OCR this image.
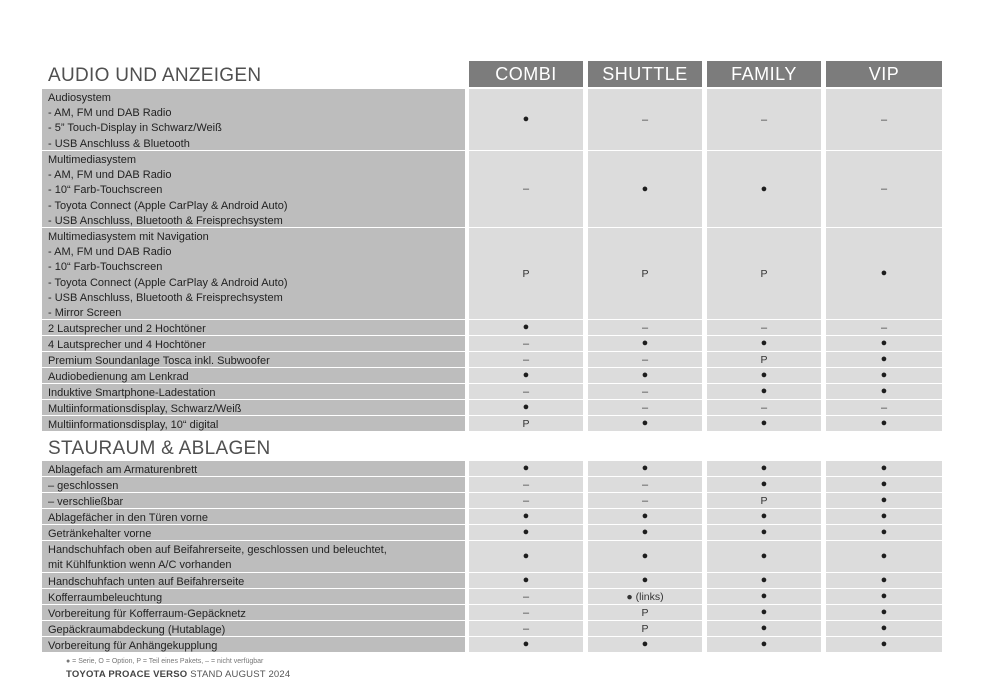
AUDIO UND ANZEIGEN
STAURAUM & ABLAGEN
COMBI	SHUTTLE	FAMILY	VIP
Audiosystem
- AM, FM und DAB Radio
- 5” Touch-Display in Schwarz/Weiß
- USB Anschluss & Bluetooth
●	–	–	–
Multimediasystem
- AM, FM und DAB Radio
- 10“ Farb-Touchscreen
- Toyota Connect (Apple CarPlay & Android Auto)
- USB Anschluss, Bluetooth & Freisprechsystem
–	●	●	–
Multimediasystem mit Navigation
- AM, FM und DAB Radio
- 10“ Farb-Touchscreen
- Toyota Connect (Apple CarPlay & Android Auto)
- USB Anschluss, Bluetooth & Freisprechsystem
- Mirror Screen
P	P	P	●
2 Lautsprecher und 2 Hochtöner	●	–	–	–
4 Lautsprecher und 4 Hochtöner	–	●	●	●
Premium Soundanlage Tosca inkl. Subwoofer	–	–	P	●
Audiobedienung am Lenkrad	●	●	●	●
Induktive Smartphone-Ladestation	–	–	●	●
Multiinformationsdisplay, Schwarz/Weiß	●	–	–	–
Multiinformationsdisplay, 10“ digital	P	●	●	●
Ablagefach am Armaturenbrett	●	●	●	●
– geschlossen	–	–	●	●
– verschließbar	–	–	P	●
Ablagefächer in den Türen vorne	●	●	●	●
Getränkehalter vorne	●	●	●	●
Handschuhfach oben auf Beifahrerseite, geschlossen und beleuchtet,
mit Kühlfunktion wenn A/C vorhanden
●	●	●	●
Handschuhfach unten auf Beifahrerseite	●	●	●	●
Kofferraumbeleuchtung	–	● (links)	●	●
Vorbereitung für Kofferraum-Gepäcknetz	–	P	●	●
Gepäckraumabdeckung (Hutablage)	–	P	●	●
Vorbereitung für Anhängekupplung	●	●	●	●
● = Serie, O = Option, P = Teil eines Pakets, – = nicht verfügbar
TOYOTA PROACE VERSO STAND AUGUST 2024
